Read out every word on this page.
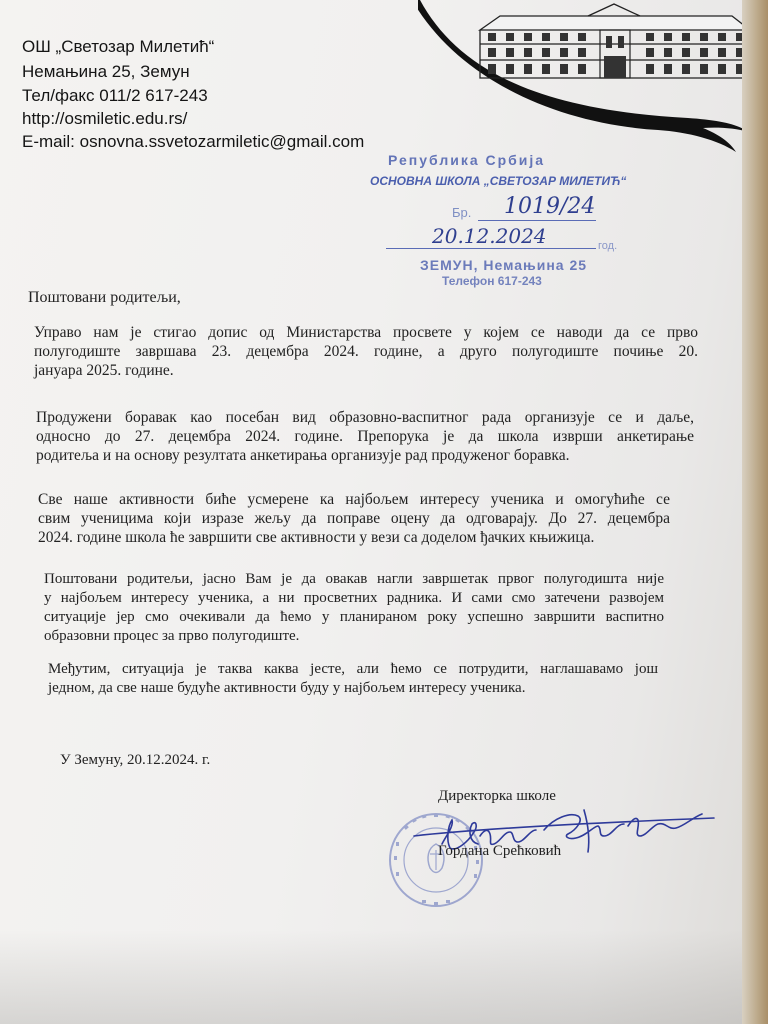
ОШ „Светозар Милетић“
Немањина 25, Земун
Тел/факс 011/2 617-243
http://osmiletic.edu.rs/
E-mail: osnovna.ssvetozarmiletic@gmail.com
Република Србија
ОСНОВНА ШКОЛА „СВЕТОЗАР МИЛЕТИЋ“
Бр. 1019/24
20.12.2024	год.
ЗЕМУН, Немањина 25
Телефон 617-243
Поштовани родитељи,

Управо нам је стигао допис од Министарства просвете у којем се наводи да се прво

полугодиште завршава 23. децембра 2024. године, а друго полугодиште почиње 20.

јануара 2025. године.

Продужени боравак као посебан вид образовно-васпитног рада организује се и даље,

односно до 27. децембра 2024. године. Препорука је да школа изврши анкетирање

родитеља и на основу резултата анкетирања организује рад продуженог боравка.

Све наше активности биће усмерене ка најбољем интересу ученика и омогућиће се

свим ученицима који изразе жељу да поправе оцену да одговарају. До 27. децембра

2024. године школа ће завршити све активности у вези са доделом ђачких књижица.

Поштовани родитељи, јасно Вам је да овакав нагли завршетак првог полугодишта није

у најбољем интересу ученика, а ни просветних радника. И сами смо затечени развојем

ситуације јер смо очекивали да ћемо у планираном року успешно завршити васпитно

образовни процес за прво полугодиште.

Међутим, ситуација је таква каква јесте, али ћемо се потрудити, наглашавамо још

једном, да све наше будуће активности буду у најбољем интересу ученика.

У Земуну, 20.12.2024. г.
Директорка школе
Гордана Срећковић
